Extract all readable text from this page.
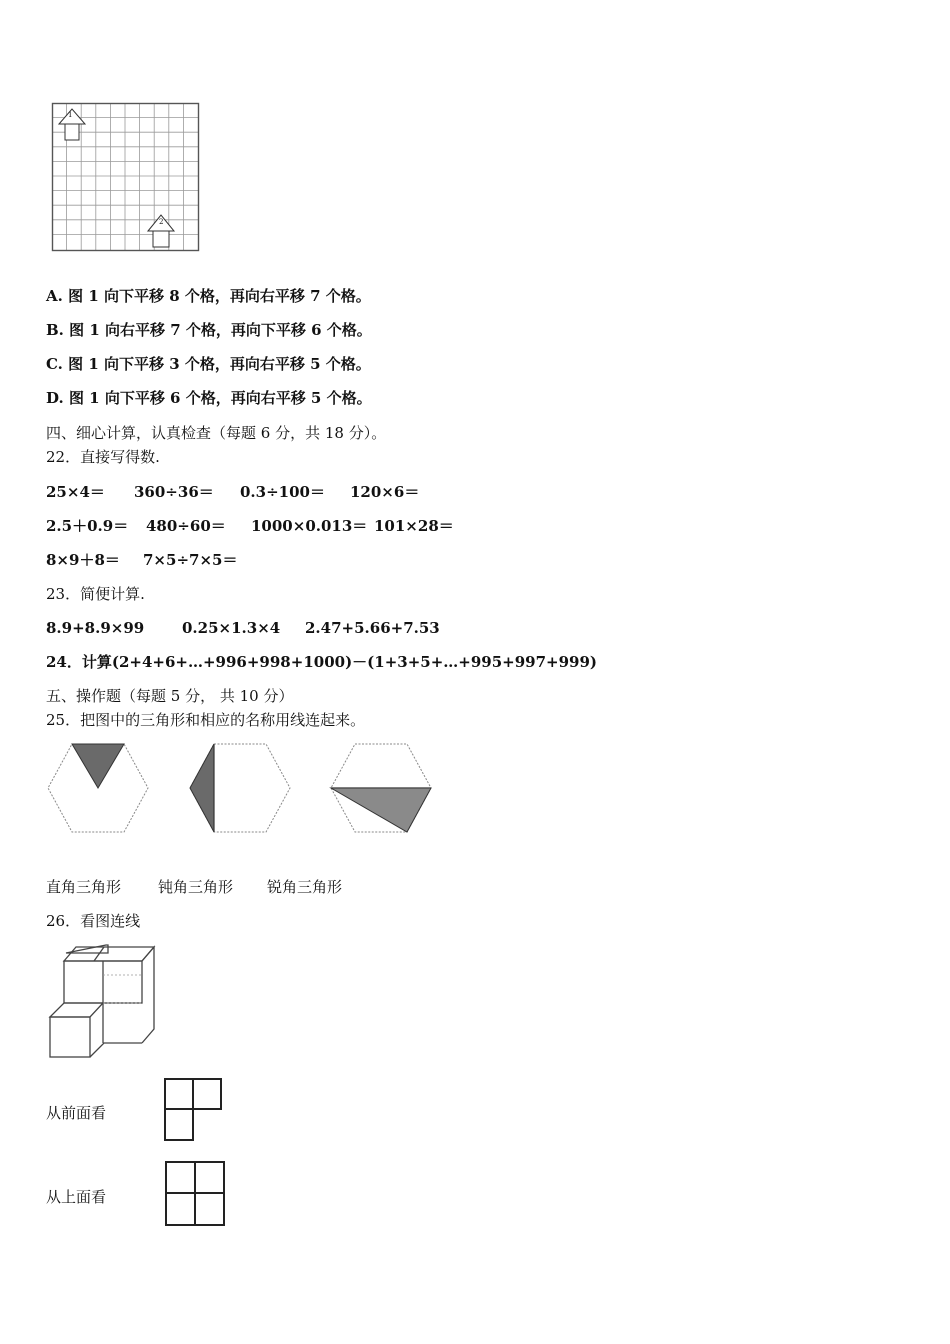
1
2
A. 图 1 向下平移 8 个格，再向右平移 7 个格。
B. 图 1 向右平移 7 个格，再向下平移 6 个格。
C. 图 1 向下平移 3 个格，再向右平移 5 个格。
D. 图 1 向下平移 6 个格，再向右平移 5 个格。
四、细心计算，认真检查（每题 6 分，共 18 分）。
22．直接写得数.
25×4＝ 360÷36＝ 0.3÷100＝ 120×6＝
2.5＋0.9＝ 480÷60＝ 1000×0.013＝ 101×28＝
8×9＋8＝ 7×5÷7×5＝
23．简便计算.
8.9+8.9×99	0.25×1.3×4 2.47+5.66+7.53
24．计算(2+4+6+…+996+998+1000)－(1+3+5+…+995+997+999)
五、操作题（每题 5 分， 共 10 分）
25．把图中的三角形和相应的名称用线连起来。
直角三角形 钝角三角形 锐角三角形
26．看图连线
从前面看
从上面看
